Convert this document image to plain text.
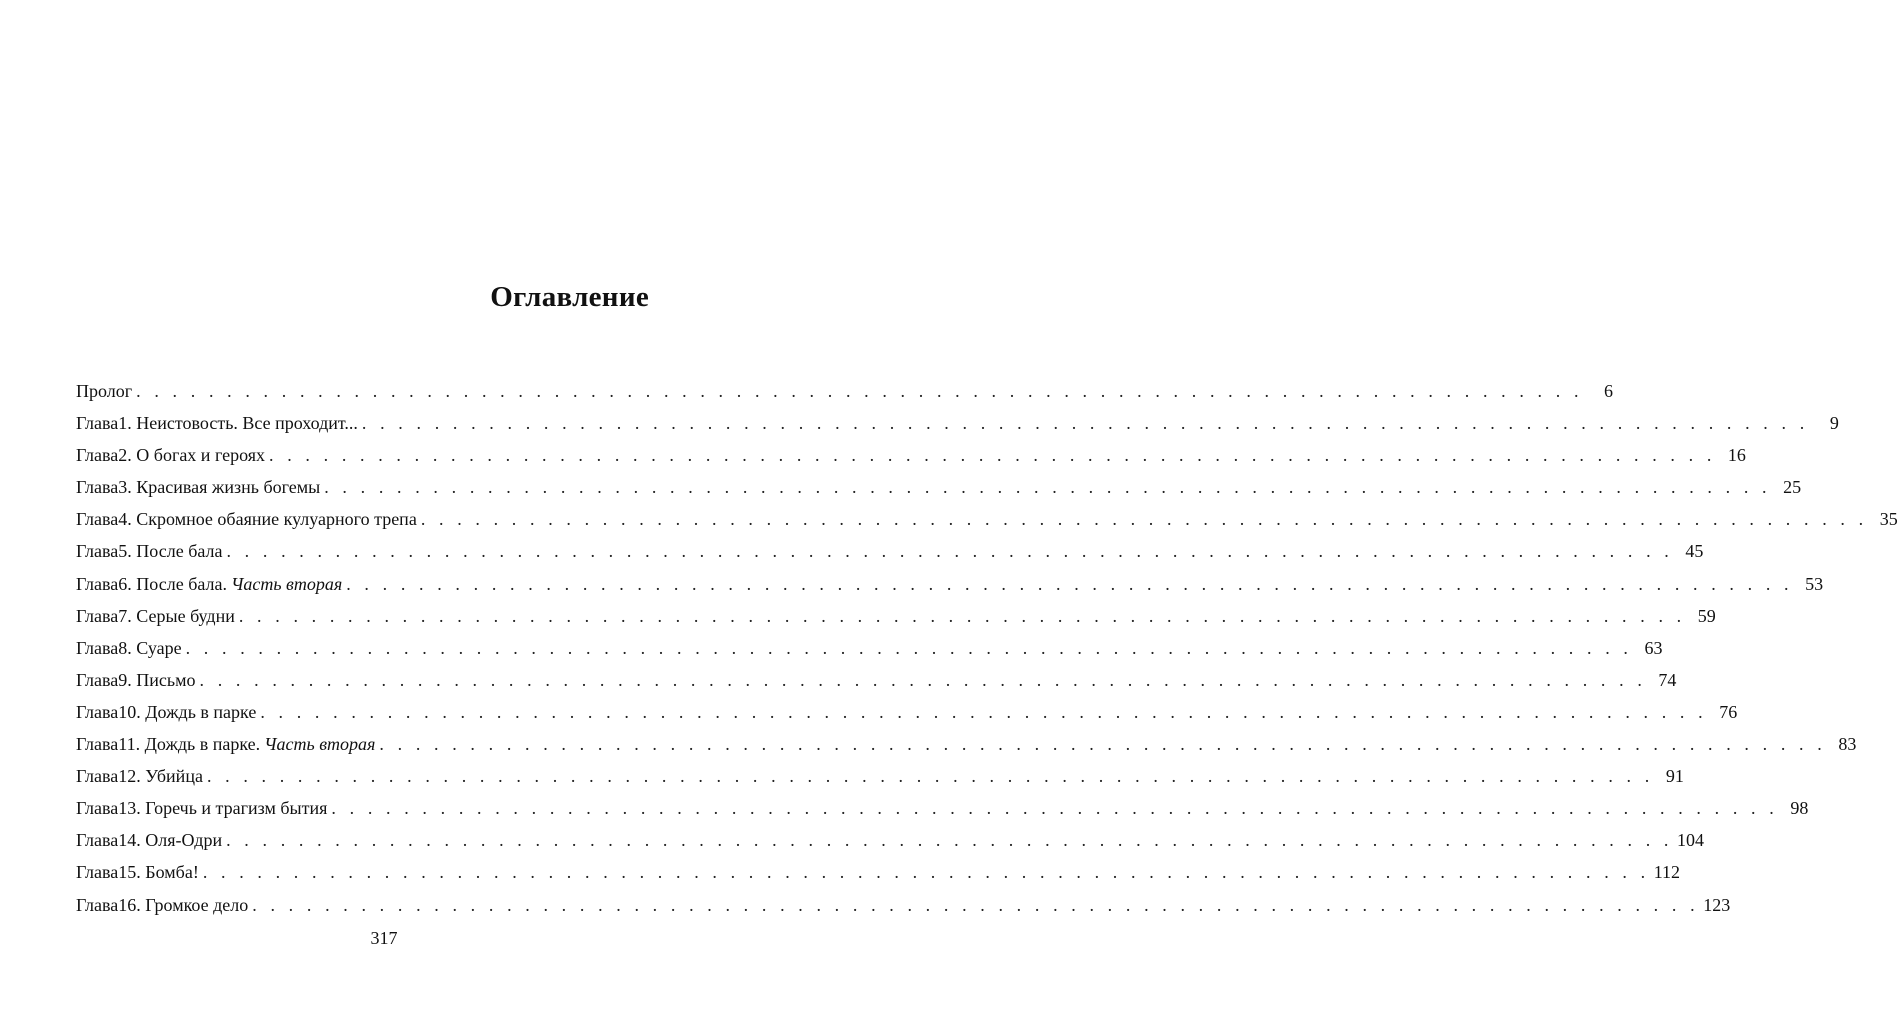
Оглавление
Пролог . . . . . . . . . . . . . . . . . . . . . . . . . . . . . . . . . . . . . . . . . . . . . . . . . . . . . . . . . . . . . . . . . . . . . . . . . . . . . . . .	6
Глава 1. Неистовость. Все проходит... . . . . . . . . . . . . . . . . . . . . . . . . . . . . . . . . . . . . . . . . . . . . . . . . . . . . . . . . . . . . . . . . . . . . . . . . . . . . . . . .	9
Глава 2. О богах и героях . . . . . . . . . . . . . . . . . . . . . . . . . . . . . . . . . . . . . . . . . . . . . . . . . . . . . . . . . . . . . . . . . . . . . . . . . . . . . . . . 16
Глава 3. Красивая жизнь богемы . . . . . . . . . . . . . . . . . . . . . . . . . . . . . . . . . . . . . . . . . . . . . . . . . . . . . . . . . . . . . . . . . . . . . . . . . . . . . . . . 25
Глава 4. Скромное обаяние кулуарного трепа . . . . . . . . . . . . . . . . . . . . . . . . . . . . . . . . . . . . . . . . . . . . . . . . . . . . . . . . . . . . . . . . . . . . . . . . . . . . . . . . 35
Глава 5. После бала . . . . . . . . . . . . . . . . . . . . . . . . . . . . . . . . . . . . . . . . . . . . . . . . . . . . . . . . . . . . . . . . . . . . . . . . . . . . . . . . 45
Глава 6. После бала. Часть вторая . . . . . . . . . . . . . . . . . . . . . . . . . . . . . . . . . . . . . . . . . . . . . . . . . . . . . . . . . . . . . . . . . . . . . . . . . . . . . . . . 53
Глава 7. Серые будни . . . . . . . . . . . . . . . . . . . . . . . . . . . . . . . . . . . . . . . . . . . . . . . . . . . . . . . . . . . . . . . . . . . . . . . . . . . . . . . . 59
Глава 8. Суаре . . . . . . . . . . . . . . . . . . . . . . . . . . . . . . . . . . . . . . . . . . . . . . . . . . . . . . . . . . . . . . . . . . . . . . . . . . . . . . . . 63
Глава 9. Письмо . . . . . . . . . . . . . . . . . . . . . . . . . . . . . . . . . . . . . . . . . . . . . . . . . . . . . . . . . . . . . . . . . . . . . . . . . . . . . . . . 74
Глава 10. Дождь в парке . . . . . . . . . . . . . . . . . . . . . . . . . . . . . . . . . . . . . . . . . . . . . . . . . . . . . . . . . . . . . . . . . . . . . . . . . . . . . . . . 76
Глава 11. Дождь в парке. Часть вторая . . . . . . . . . . . . . . . . . . . . . . . . . . . . . . . . . . . . . . . . . . . . . . . . . . . . . . . . . . . . . . . . . . . . . . . . . . . . . . . . 83
Глава 12. Убийца . . . . . . . . . . . . . . . . . . . . . . . . . . . . . . . . . . . . . . . . . . . . . . . . . . . . . . . . . . . . . . . . . . . . . . . . . . . . . . . . 91
Глава 13. Горечь и трагизм бытия . . . . . . . . . . . . . . . . . . . . . . . . . . . . . . . . . . . . . . . . . . . . . . . . . . . . . . . . . . . . . . . . . . . . . . . . . . . . . . . . 98
Глава 14. Оля-Одри . . . . . . . . . . . . . . . . . . . . . . . . . . . . . . . . . . . . . . . . . . . . . . . . . . . . . . . . . . . . . . . . . . . . . . . . . . . . . . . . 104
Глава 15. Бомба! . . . . . . . . . . . . . . . . . . . . . . . . . . . . . . . . . . . . . . . . . . . . . . . . . . . . . . . . . . . . . . . . . . . . . . . . . . . . . . . . 112
Глава 16. Громкое дело . . . . . . . . . . . . . . . . . . . . . . . . . . . . . . . . . . . . . . . . . . . . . . . . . . . . . . . . . . . . . . . . . . . . . . . . . . . . . . . . 123
317
